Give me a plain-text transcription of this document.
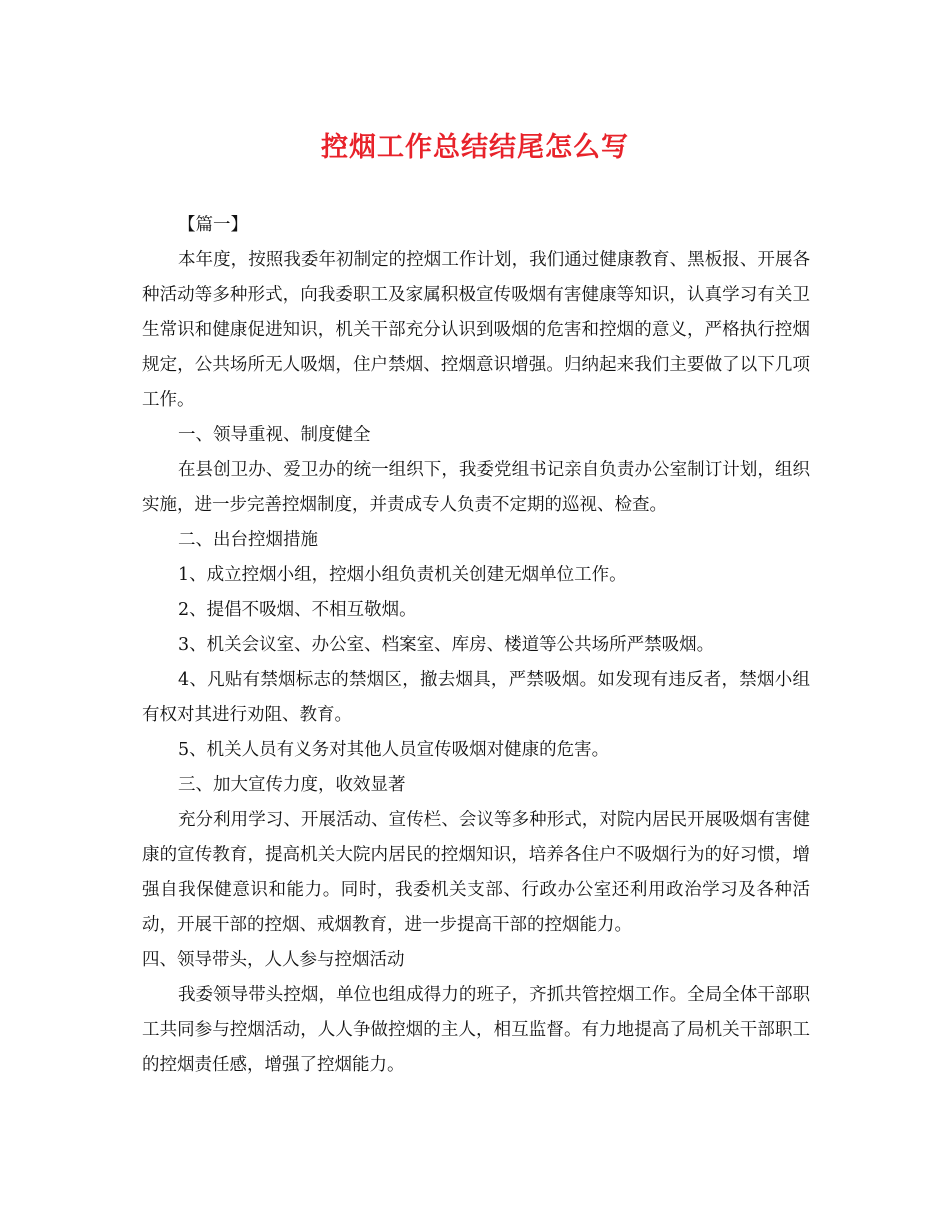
控烟工作总结结尾怎么写

【篇一】

本年度，按照我委年初制定的控烟工作计划，我们通过健康教育、黑板报、开展各种活动等多种形式，向我委职工及家属积极宣传吸烟有害健康等知识，认真学习有关卫生常识和健康促进知识，机关干部充分认识到吸烟的危害和控烟的意义，严格执行控烟规定，公共场所无人吸烟，住户禁烟、控烟意识增强。归纳起来我们主要做了以下几项工作。

一、领导重视、制度健全

在县创卫办、爱卫办的统一组织下，我委党组书记亲自负责办公室制订计划，组织实施，进一步完善控烟制度，并责成专人负责不定期的巡视、检查。

二、出台控烟措施

1、成立控烟小组，控烟小组负责机关创建无烟单位工作。

2、提倡不吸烟、不相互敬烟。

3、机关会议室、办公室、档案室、库房、楼道等公共场所严禁吸烟。

4、凡贴有禁烟标志的禁烟区，撤去烟具，严禁吸烟。如发现有违反者，禁烟小组有权对其进行劝阻、教育。

5、机关人员有义务对其他人员宣传吸烟对健康的危害。

三、加大宣传力度，收效显著

充分利用学习、开展活动、宣传栏、会议等多种形式，对院内居民开展吸烟有害健康的宣传教育，提高机关大院内居民的控烟知识，培养各住户不吸烟行为的好习惯，增强自我保健意识和能力。同时，我委机关支部、行政办公室还利用政治学习及各种活动，开展干部的控烟、戒烟教育，进一步提高干部的控烟能力。

四、领导带头，人人参与控烟活动

我委领导带头控烟，单位也组成得力的班子，齐抓共管控烟工作。全局全体干部职工共同参与控烟活动，人人争做控烟的主人，相互监督。有力地提高了局机关干部职工的控烟责任感，增强了控烟能力。
